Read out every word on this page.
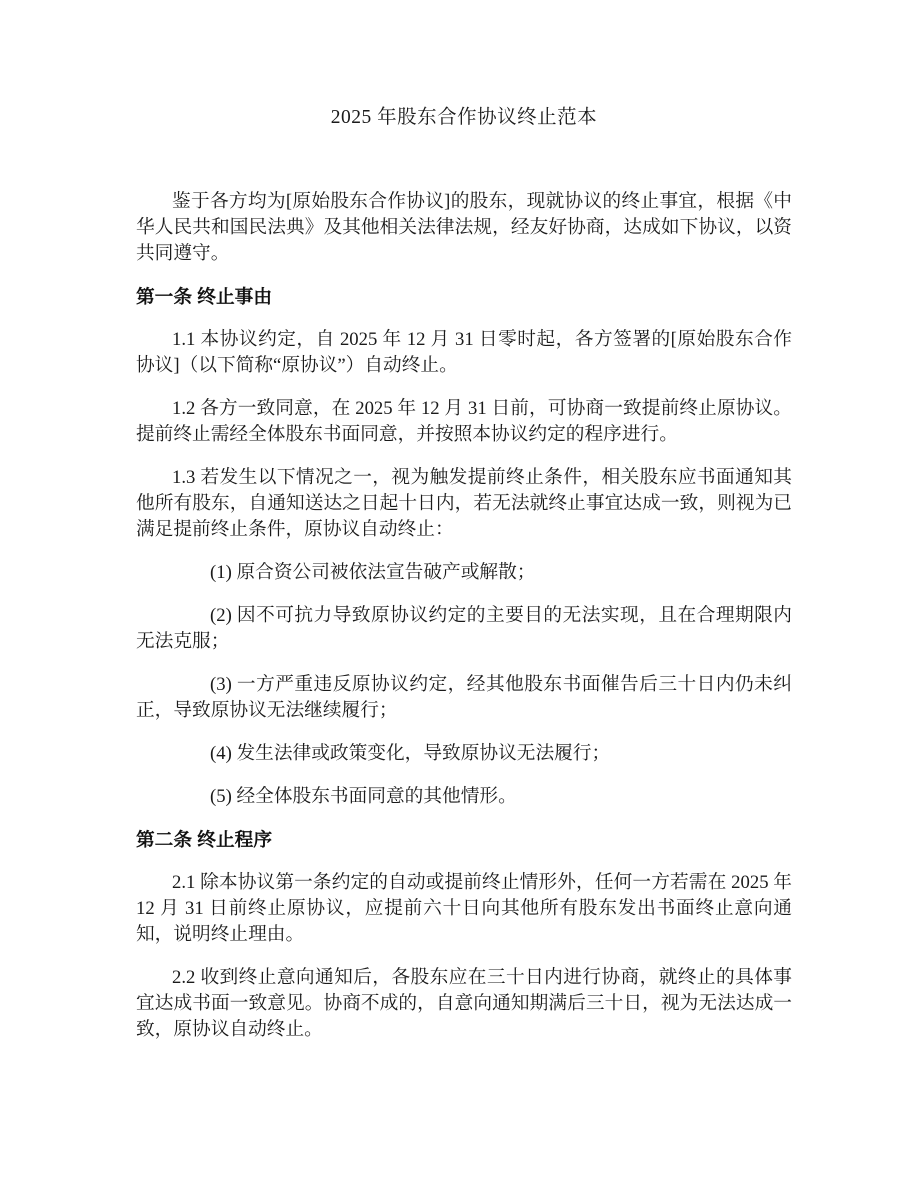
2025 年股东合作协议终止范本

鉴于各方均为[原始股东合作协议]的股东，现就协议的终止事宜，根据《中华人民共和国民法典》及其他相关法律法规，经友好协商，达成如下协议，以资共同遵守。

第一条 终止事由

1.1 本协议约定，自 2025 年 12 月 31 日零时起，各方签署的[原始股东合作协议]（以下简称“原协议”）自动终止。

1.2 各方一致同意，在 2025 年 12 月 31 日前，可协商一致提前终止原协议。提前终止需经全体股东书面同意，并按照本协议约定的程序进行。

1.3 若发生以下情况之一，视为触发提前终止条件，相关股东应书面通知其他所有股东，自通知送达之日起十日内，若无法就终止事宜达成一致，则视为已满足提前终止条件，原协议自动终止：

(1) 原合资公司被依法宣告破产或解散；

(2) 因不可抗力导致原协议约定的主要目的无法实现，且在合理期限内无法克服；

(3) 一方严重违反原协议约定，经其他股东书面催告后三十日内仍未纠正，导致原协议无法继续履行；

(4) 发生法律或政策变化，导致原协议无法履行；

(5) 经全体股东书面同意的其他情形。

第二条 终止程序

2.1 除本协议第一条约定的自动或提前终止情形外，任何一方若需在 2025 年 12 月 31 日前终止原协议，应提前六十日向其他所有股东发出书面终止意向通知，说明终止理由。

2.2 收到终止意向通知后，各股东应在三十日内进行协商，就终止的具体事宜达成书面一致意见。协商不成的，自意向通知期满后三十日，视为无法达成一致，原协议自动终止。
